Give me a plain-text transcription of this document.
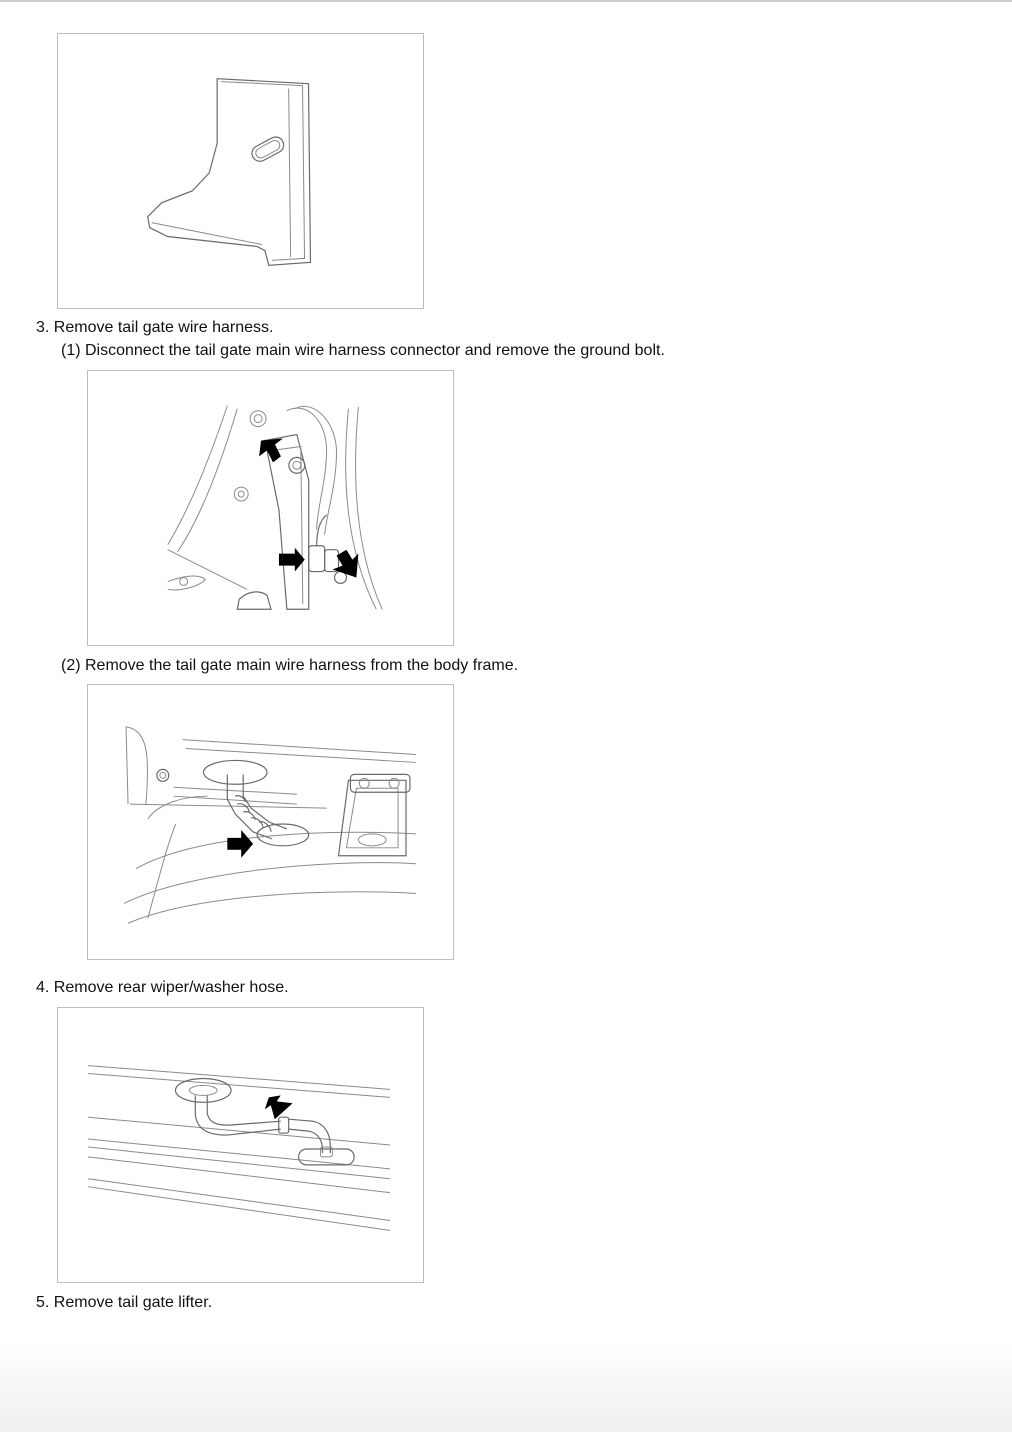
3. Remove tail gate wire harness.
(1) Disconnect the tail gate main wire harness connector and remove the ground bolt.
(2) Remove the tail gate main wire harness from the body frame.
4. Remove rear wiper/washer hose.
5. Remove tail gate lifter.
